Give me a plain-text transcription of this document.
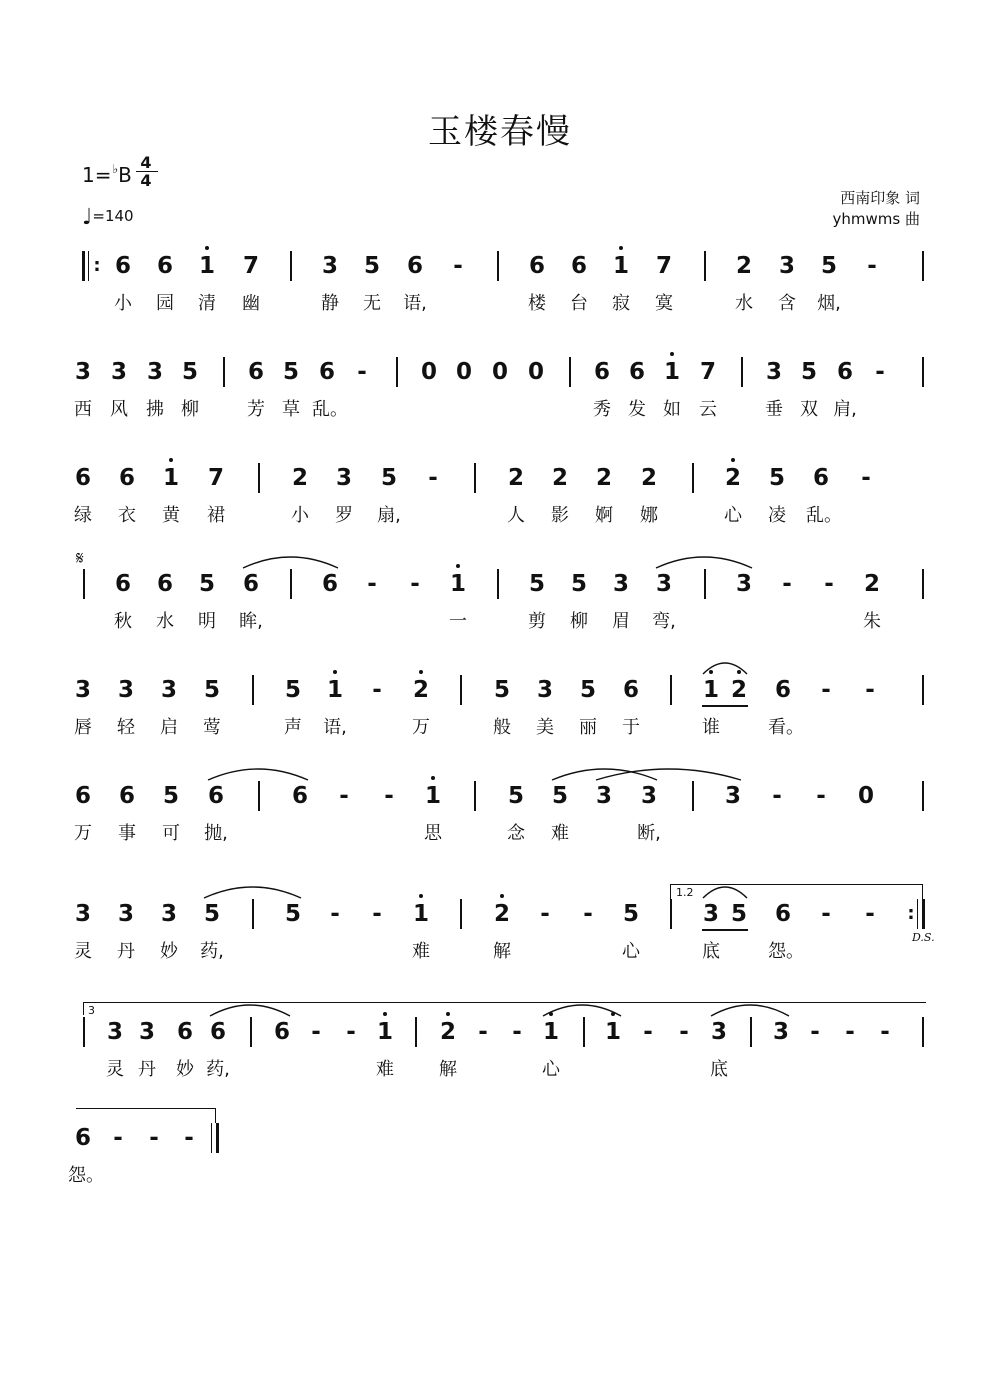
玉楼春慢
1=♭B
4
4
♩=140
西南印象 词
yhmwms 曲
6 6 1 7	3 5 6	-	6 6 1 7	2 3 5	-
小	园	清	幽	静	无	语,	楼	台	寂	寞	水	含	烟,
3 3 3 5 6 5 6 -	0 0 0 0 6 6 1 7 3 5 6 -
西	风	拂 柳	芳 草 乱。	秀 发 如	云	垂 双 肩,
6 6 1 7	2 3 5	-	2 2 2 2	2 5 6	-
绿	衣	黄	裙	小	罗	扇,	人	影	婀	娜	心	凌	乱。
6 6 5 6	6	-	-	1	5 5 3 3	3	-	-	2
秋	水	明	眸,	一	剪	柳	眉	弯,	朱
3 3 3 5	5 1	-	2	5 3 5 6	1 2 6	-	-
唇	轻	启	莺	声	语,	万	般	美	丽	于	谁	看。
6 6 5 6	6	-	-	1	5 5 3 3	3	-	-	0
万	事	可	抛,	思	念	难	断,
3 3 3 5	5	-	-	1	2	-	-	5	3 5 6	-	-
灵	丹	妙	药,	难	解	心	底	怨。
3 3 6 6 6 -	- 1 2 -	- 1 1 -	- 3 3 -	-	-
灵 丹	妙 药,	难	解	心	底
6 -	-	-
怨。
:
𝄋
1.2
:
D.S.
3
